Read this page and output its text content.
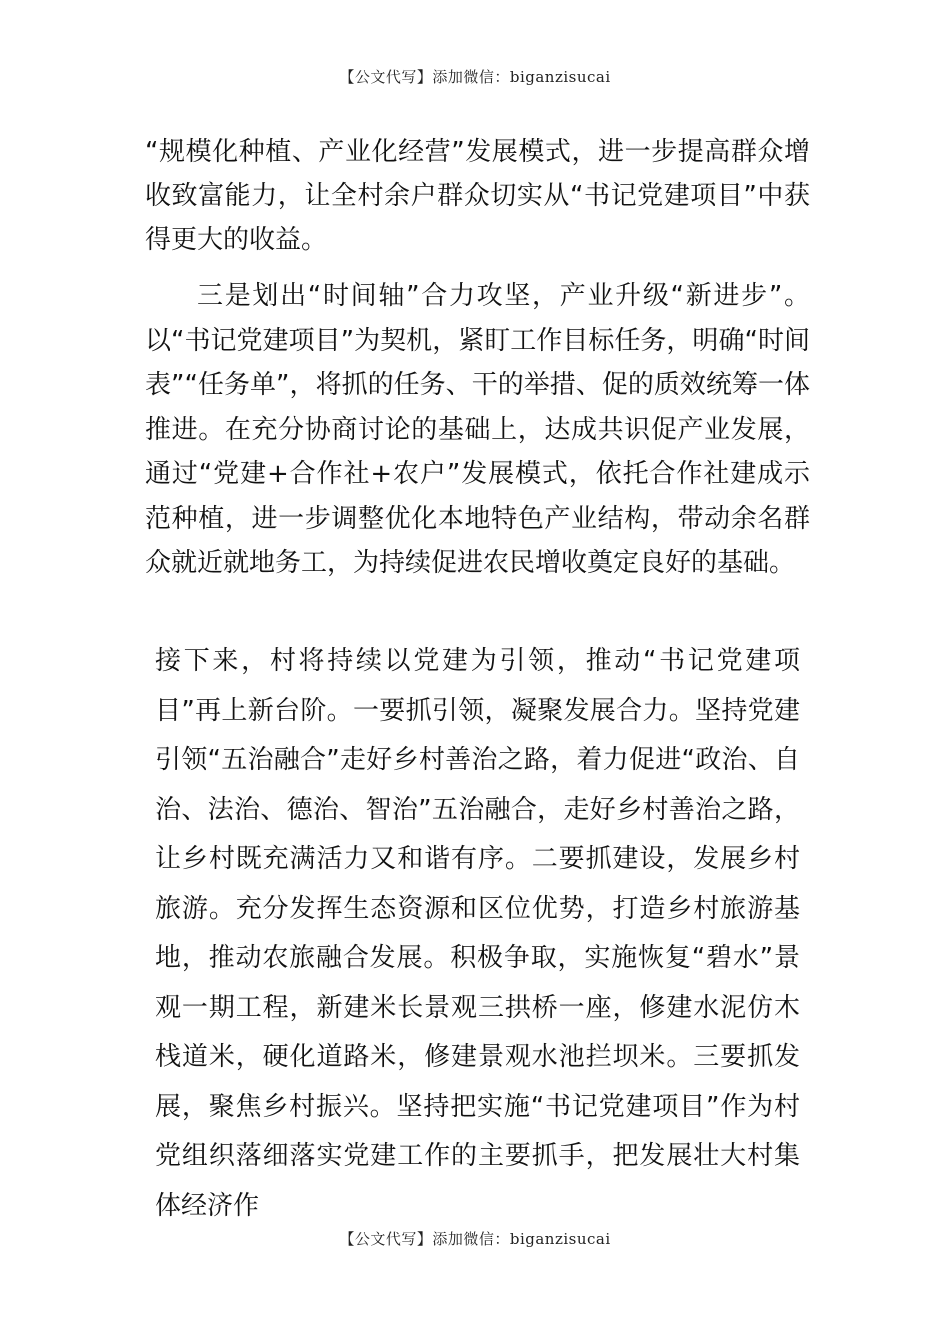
【公文代写】添加微信：biganzisucai

“规模化种植、产业化经营”发展模式，进一步提高群众增收致富能力，让全村余户群众切实从“书记党建项目”中获得更大的收益。

三是划出“时间轴”合力攻坚，产业升级“新进步”。以“书记党建项目”为契机，紧盯工作目标任务，明确“时间表”“任务单”，将抓的任务、干的举措、促的质效统筹一体推进。在充分协商讨论的基础上，达成共识促产业发展，通过“党建+合作社+农户”发展模式，依托合作社建成示范种植，进一步调整优化本地特色产业结构，带动余名群众就近就地务工，为持续促进农民增收奠定良好的基础。

接下来，村将持续以党建为引领，推动“书记党建项目”再上新台阶。一要抓引领，凝聚发展合力。坚持党建引领“五治融合”走好乡村善治之路，着力促进“政治、自治、法治、德治、智治”五治融合，走好乡村善治之路，让乡村既充满活力又和谐有序。二要抓建设，发展乡村旅游。充分发挥生态资源和区位优势，打造乡村旅游基地，推动农旅融合发展。积极争取，实施恢复“碧水”景观一期工程，新建米长景观三拱桥一座，修建水泥仿木栈道米，硬化道路米，修建景观水池拦坝米。三要抓发展，聚焦乡村振兴。坚持把实施“书记党建项目”作为村党组织落细落实党建工作的主要抓手，把发展壮大村集体经济作

【公文代写】添加微信：biganzisucai
